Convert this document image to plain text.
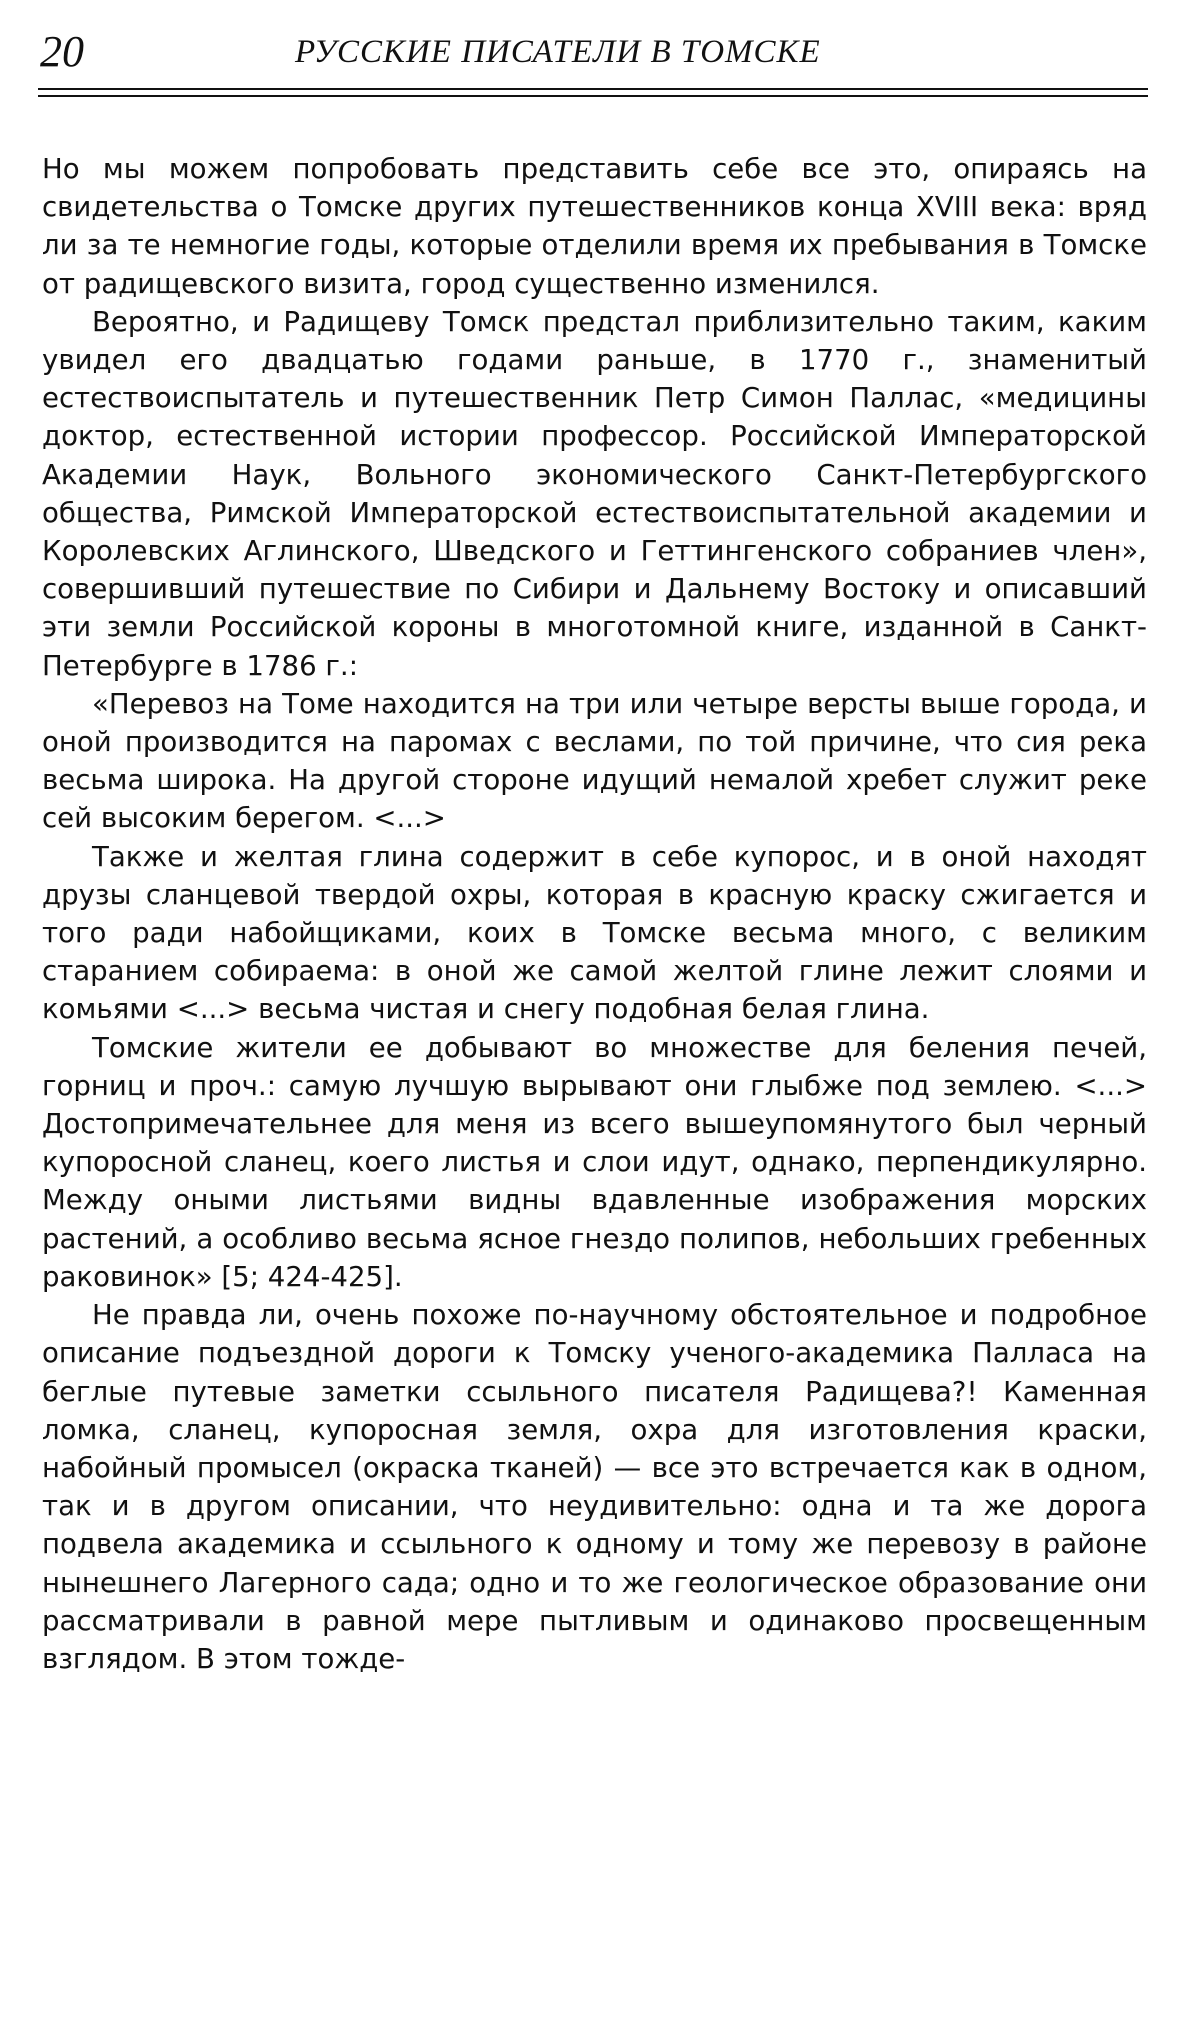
20	РУССКИЕ ПИСАТЕЛИ В ТОМСКЕ

Но мы можем попробовать представить себе все это, опираясь на свидетельства о Томске других путешественников конца XVIII века: вряд ли за те немногие годы, которые отделили время их пребывания в Томске от радищевского визита, город существенно изменился.

Вероятно, и Радищеву Томск предстал приблизительно таким, каким увидел его двадцатью годами раньше, в 1770 г., знаменитый естествоиспытатель и путешественник Петр Симон Паллас, «медицины доктор, естественной истории профессор. Российской Императорской Академии Наук, Вольного экономического Санкт-Петербургского общества, Римской Императорской естествоиспытательной академии и Королевских Аглинского, Шведского и Геттингенского собраниев член», совершивший путешествие по Сибири и Дальнему Востоку и описавший эти земли Российской короны в многотомной книге, изданной в Санкт-Петербурге в 1786 г.:

«Перевоз на Томе находится на три или четыре версты выше города, и оной производится на паромах с веслами, по той причине, что сия река весьма широка. На другой стороне идущий немалой хребет служит реке сей высоким берегом. <...>

Также и желтая глина содержит в себе купорос, и в оной находят друзы сланцевой твердой охры, которая в красную краску сжигается и того ради набойщиками, коих в Томске весьма много, с великим старанием собираема: в оной же самой желтой глине лежит слоями и комьями <...> весьма чистая и снегу подобная белая глина.

Томские жители ее добывают во множестве для беления печей, горниц и проч.: самую лучшую вырывают они глыбже под землею. <...> Достопримечательнее для меня из всего вышеупомянутого был черный купоросной сланец, коего листья и слои идут, однако, перпендикулярно. Между оными листьями видны вдавленные изображения морских растений, а особливо весьма ясное гнездо полипов, небольших гребенных раковинок» [5; 424-425].

Не правда ли, очень похоже по-научному обстоятельное и подробное описание подъездной дороги к Томску ученого-академика Палласа на беглые путевые заметки ссыльного писателя Радищева?! Каменная ломка, сланец, купоросная земля, охра для изготовления краски, набойный промысел (окраска тканей) — все это встречается как в одном, так и в другом описании, что неудивительно: одна и та же дорога подвела академика и ссыльного к одному и тому же перевозу в районе нынешнего Лагерного сада; одно и то же геологическое образование они рассматривали в равной мере пытливым и одинаково просвещенным взглядом. В этом тожде-
